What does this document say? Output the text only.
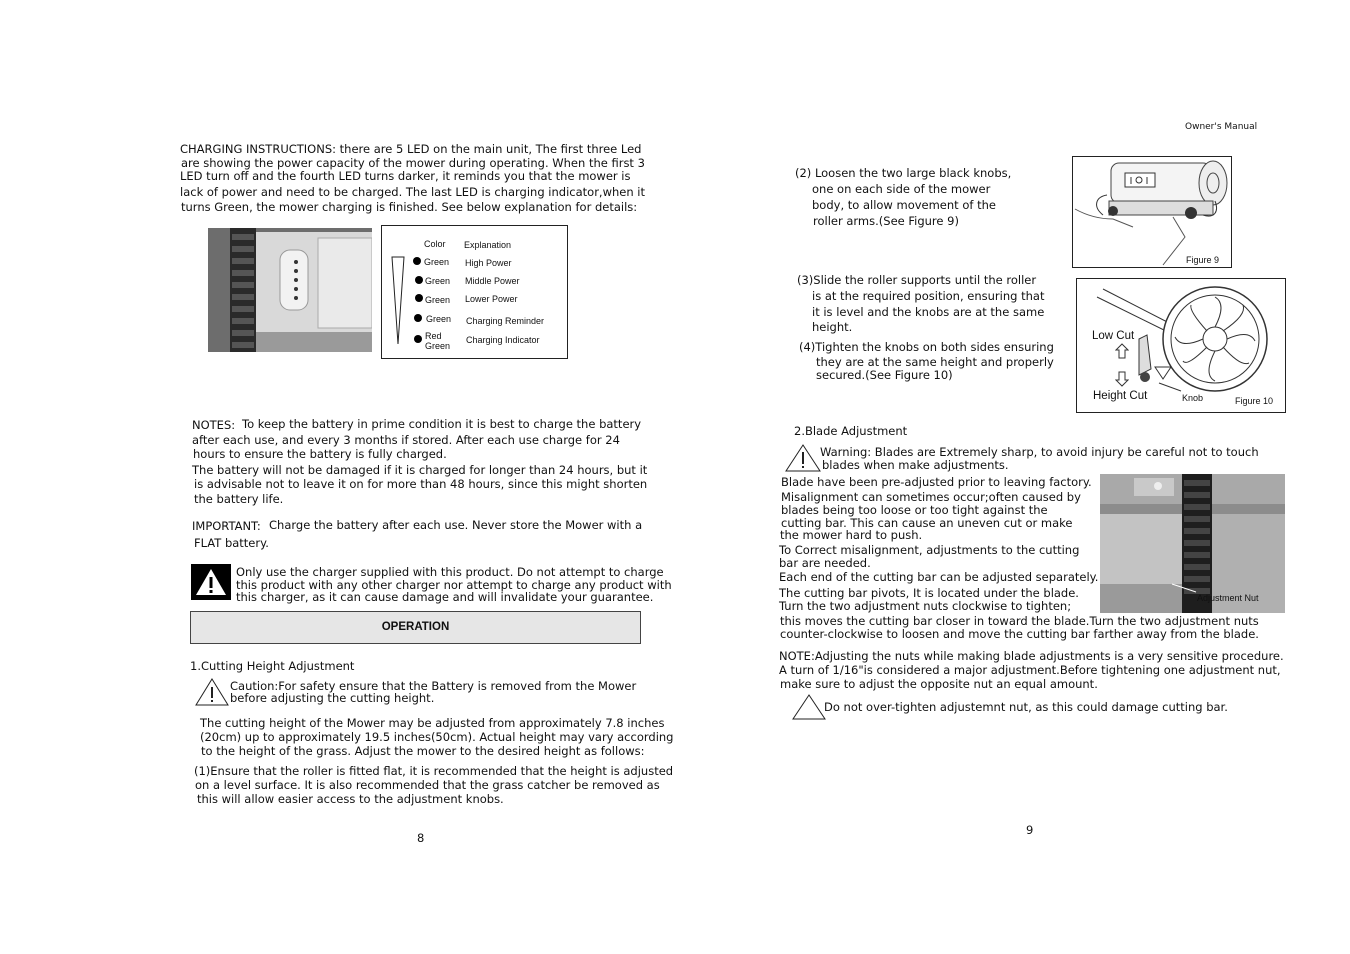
Owner's Manual
CHARGING INSTRUCTIONS: there are 5 LED on the main unit, The first three Led
are showing the power capacity of the mower during operating. When the first 3
LED turn off and the fourth LED turns darker, it reminds you that the mower is
lack of power and need to be charged. The last LED is charging indicator,when it
turns Green, the mower charging is finished. See below explanation for details:
Color Explanation
Green High Power
Green Middle Power
Green Lower Power
Green Charging Reminder
Red
Green
Charging Indicator
NOTES: To keep the battery in prime condition it is best to charge the battery
after each use, and every 3 months if stored. After each use charge for 24
hours to ensure the battery is fully charged.
The battery will not be damaged if it is charged for longer than 24 hours, but it
is advisable not to leave it on for more than 48 hours, since this might shorten
the battery life.
IMPORTANT: Charge the battery after each use. Never store the Mower with a
FLAT battery.
Only use the charger supplied with this product. Do not attempt to charge
this product with any other charger nor attempt to charge any product with
this charger, as it can cause damage and will invalidate your guarantee.
OPERATION
1.Cutting Height Adjustment
Caution:For safety ensure that the Battery is removed from the Mower
before adjusting the cutting height.
The cutting height of the Mower may be adjusted from approximately 7.8 inches
(20cm) up to approximately 19.5 inches(50cm). Actual height may vary according
to the height of the grass. Adjust the mower to the desired height as follows:
(1)Ensure that the roller is fitted flat, it is recommended that the height is adjusted
on a level surface. It is also recommended that the grass catcher be removed as
this will allow easier access to the adjustment knobs.
8
(2) Loosen the two large black knobs,
one on each side of the mower
body, to allow movement of the
roller arms.(See Figure 9)
Figure 9
(3)Slide the roller supports until the roller
is at the required position, ensuring that
it is level and the knobs are at the same
height.
(4)Tighten the knobs on both sides ensuring
they are at the same height and properly
secured.(See Figure 10)
Low Cut
Height Cut	Knob	Figure 10
2.Blade Adjustment
Warning: Blades are Extremely sharp, to avoid injury be careful not to touch
blades when make adjustments.
Blade have been pre-adjusted prior to leaving factory.
Misalignment can sometimes occur;often caused by
blades being too loose or too tight against the
cutting bar. This can cause an uneven cut or make
the mower hard to push.
To Correct misalignment, adjustments to the cutting
bar are needed.
Each end of the cutting bar can be adjusted separately.
The cutting bar pivots, It is located under the blade.
Turn the two adjustment nuts clockwise to tighten;
this moves the cutting bar closer in toward the blade.Turn the two adjustment nuts
counter-clockwise to loosen and move the cutting bar farther away from the blade.
Adjustment Nut
NOTE:Adjusting the nuts while making blade adjustments is a very sensitive procedure.
A turn of 1/16"is considered a major adjustment.Before tightening one adjustment nut,
make sure to adjust the opposite nut an equal amount.
Do not over-tighten adjustemnt nut, as this could damage cutting bar.
9
